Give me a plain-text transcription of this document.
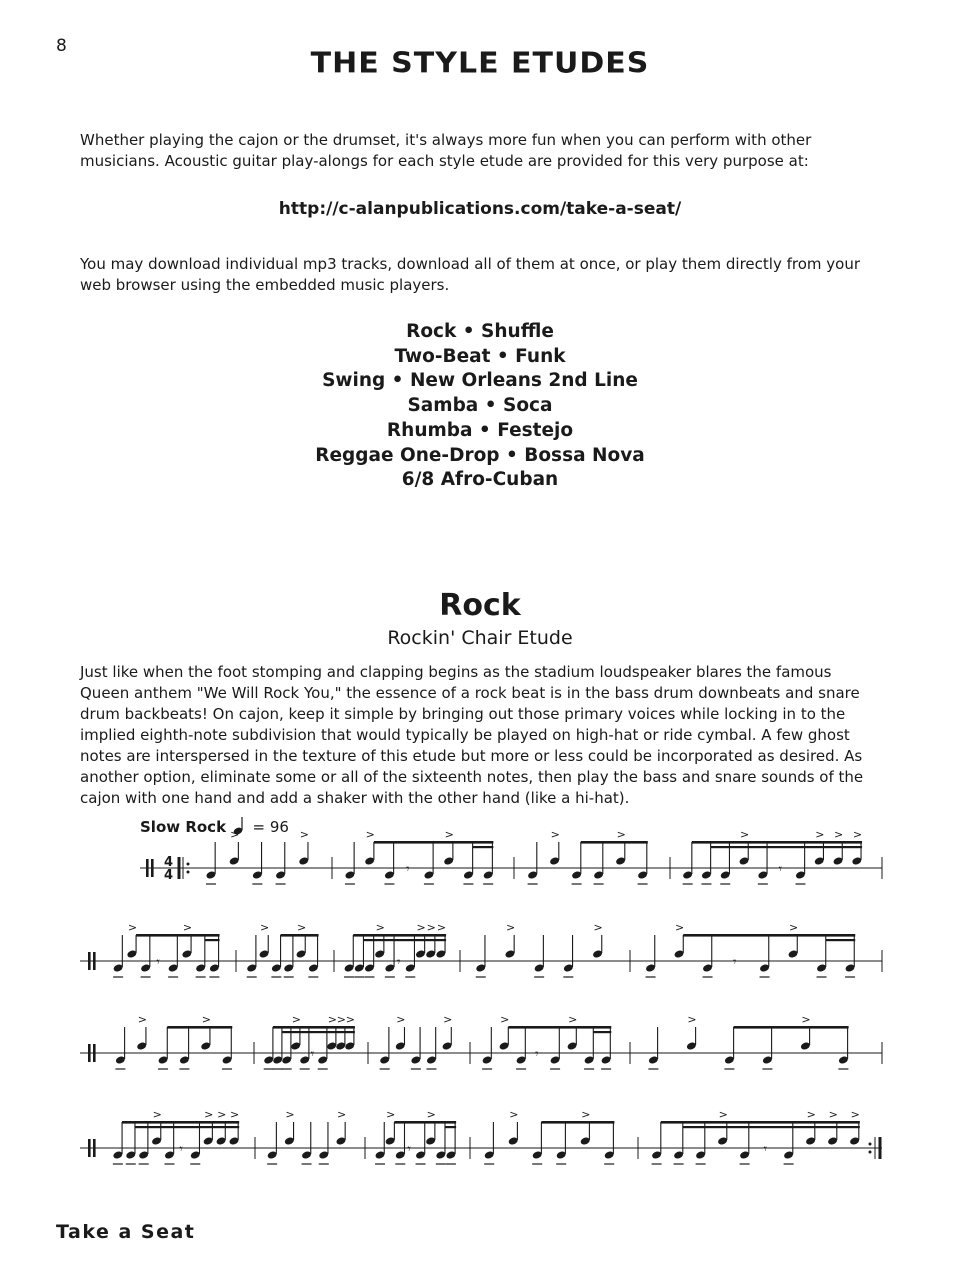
8
THE STYLE ETUDES
Whether playing the cajon or the drumset, it's always more fun when you can perform with other musicians. Acoustic guitar play-alongs for each style etude are provided for this very purpose at:
http://c-alanpublications.com/take-a-seat/
You may download individual mp3 tracks, download all of them at once, or play them directly from your web browser using the embedded music players.
Rock • Shuffle
Two-Beat • Funk
Swing • New Orleans 2nd Line
Samba • Soca
Rhumba • Festejo
Reggae One-Drop • Bossa Nova
6/8 Afro-Cuban
Rock
Rockin' Chair Etude
Just like when the foot stomping and clapping begins as the stadium loudspeaker blares the famous Queen anthem "We Will Rock You," the essence of a rock beat is in the bass drum downbeats and snare drum backbeats! On cajon, keep it simple by bringing out those primary voices while locking in to the implied eighth-note subdivision that would typically be played on high-hat or ride cymbal. A few ghost notes are interspersed in the texture of this etude but more or less could be incorporated as desired. As another option, eliminate some or all of the sixteenth notes, then play the bass and snare sounds of the cajon with one hand and add a shaker with the other hand (like a hi-hat).
Slow Rock = 96
4
4
>	>	>
𝄾
>	>	>	>
𝄾
> > >
>
𝄾
>	>	>	>
𝄾
> > >	>	>	>
𝄾
>
>	>	>
𝄾
> > >	>	>	>
𝄾
>	>	>
>
𝄾
> > >	>	>	>
𝄾
>	>	>	>
𝄾
> > >
Take a Seat
